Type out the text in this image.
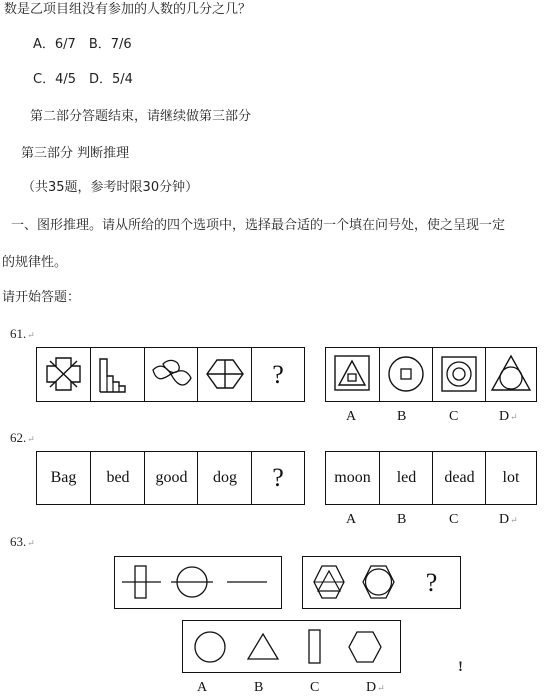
数是乙项目组没有参加的人数的几分之几？
A．6/7　B．7/6
C．4/5　D．5/4
第二部分答题结束，请继续做第三部分
第三部分 判断推理
（共35题，参考时限30分钟）
一、图形推理。请从所给的四个选项中，选择最合适的一个填在问号处，使之呈现一定
的规律性。
请开始答题：
61.↵
?
A	B	C	D↵
62.↵
Bag	bed	good	dog	?	moon	led	dead	lot
A	B	C	D↵
63.↵
?
A	B	C	D↵
!
